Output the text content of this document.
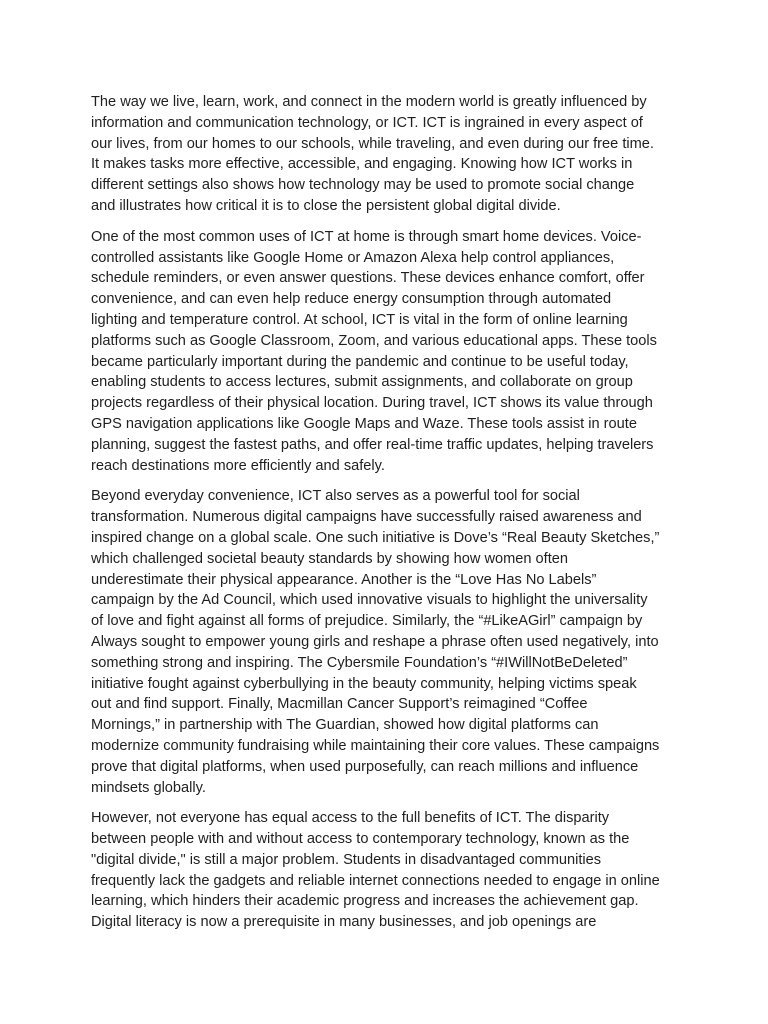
The way we live, learn, work, and connect in the modern world is greatly influenced by
information and communication technology, or ICT. ICT is ingrained in every aspect of
our lives, from our homes to our schools, while traveling, and even during our free time.
It makes tasks more effective, accessible, and engaging. Knowing how ICT works in
different settings also shows how technology may be used to promote social change
and illustrates how critical it is to close the persistent global digital divide.

One of the most common uses of ICT at home is through smart home devices. Voice-
controlled assistants like Google Home or Amazon Alexa help control appliances,
schedule reminders, or even answer questions. These devices enhance comfort, offer
convenience, and can even help reduce energy consumption through automated
lighting and temperature control. At school, ICT is vital in the form of online learning
platforms such as Google Classroom, Zoom, and various educational apps. These tools
became particularly important during the pandemic and continue to be useful today,
enabling students to access lectures, submit assignments, and collaborate on group
projects regardless of their physical location. During travel, ICT shows its value through
GPS navigation applications like Google Maps and Waze. These tools assist in route
planning, suggest the fastest paths, and offer real-time traffic updates, helping travelers
reach destinations more efficiently and safely.

Beyond everyday convenience, ICT also serves as a powerful tool for social
transformation. Numerous digital campaigns have successfully raised awareness and
inspired change on a global scale. One such initiative is Dove’s “Real Beauty Sketches,”
which challenged societal beauty standards by showing how women often
underestimate their physical appearance. Another is the “Love Has No Labels”
campaign by the Ad Council, which used innovative visuals to highlight the universality
of love and fight against all forms of prejudice. Similarly, the “#LikeAGirl” campaign by
Always sought to empower young girls and reshape a phrase often used negatively, into
something strong and inspiring. The Cybersmile Foundation’s “#IWillNotBeDeleted”
initiative fought against cyberbullying in the beauty community, helping victims speak
out and find support. Finally, Macmillan Cancer Support’s reimagined “Coffee
Mornings,” in partnership with The Guardian, showed how digital platforms can
modernize community fundraising while maintaining their core values. These campaigns
prove that digital platforms, when used purposefully, can reach millions and influence
mindsets globally.

However, not everyone has equal access to the full benefits of ICT. The disparity
between people with and without access to contemporary technology, known as the
"digital divide," is still a major problem. Students in disadvantaged communities
frequently lack the gadgets and reliable internet connections needed to engage in online
learning, which hinders their academic progress and increases the achievement gap.
Digital literacy is now a prerequisite in many businesses, and job openings are
